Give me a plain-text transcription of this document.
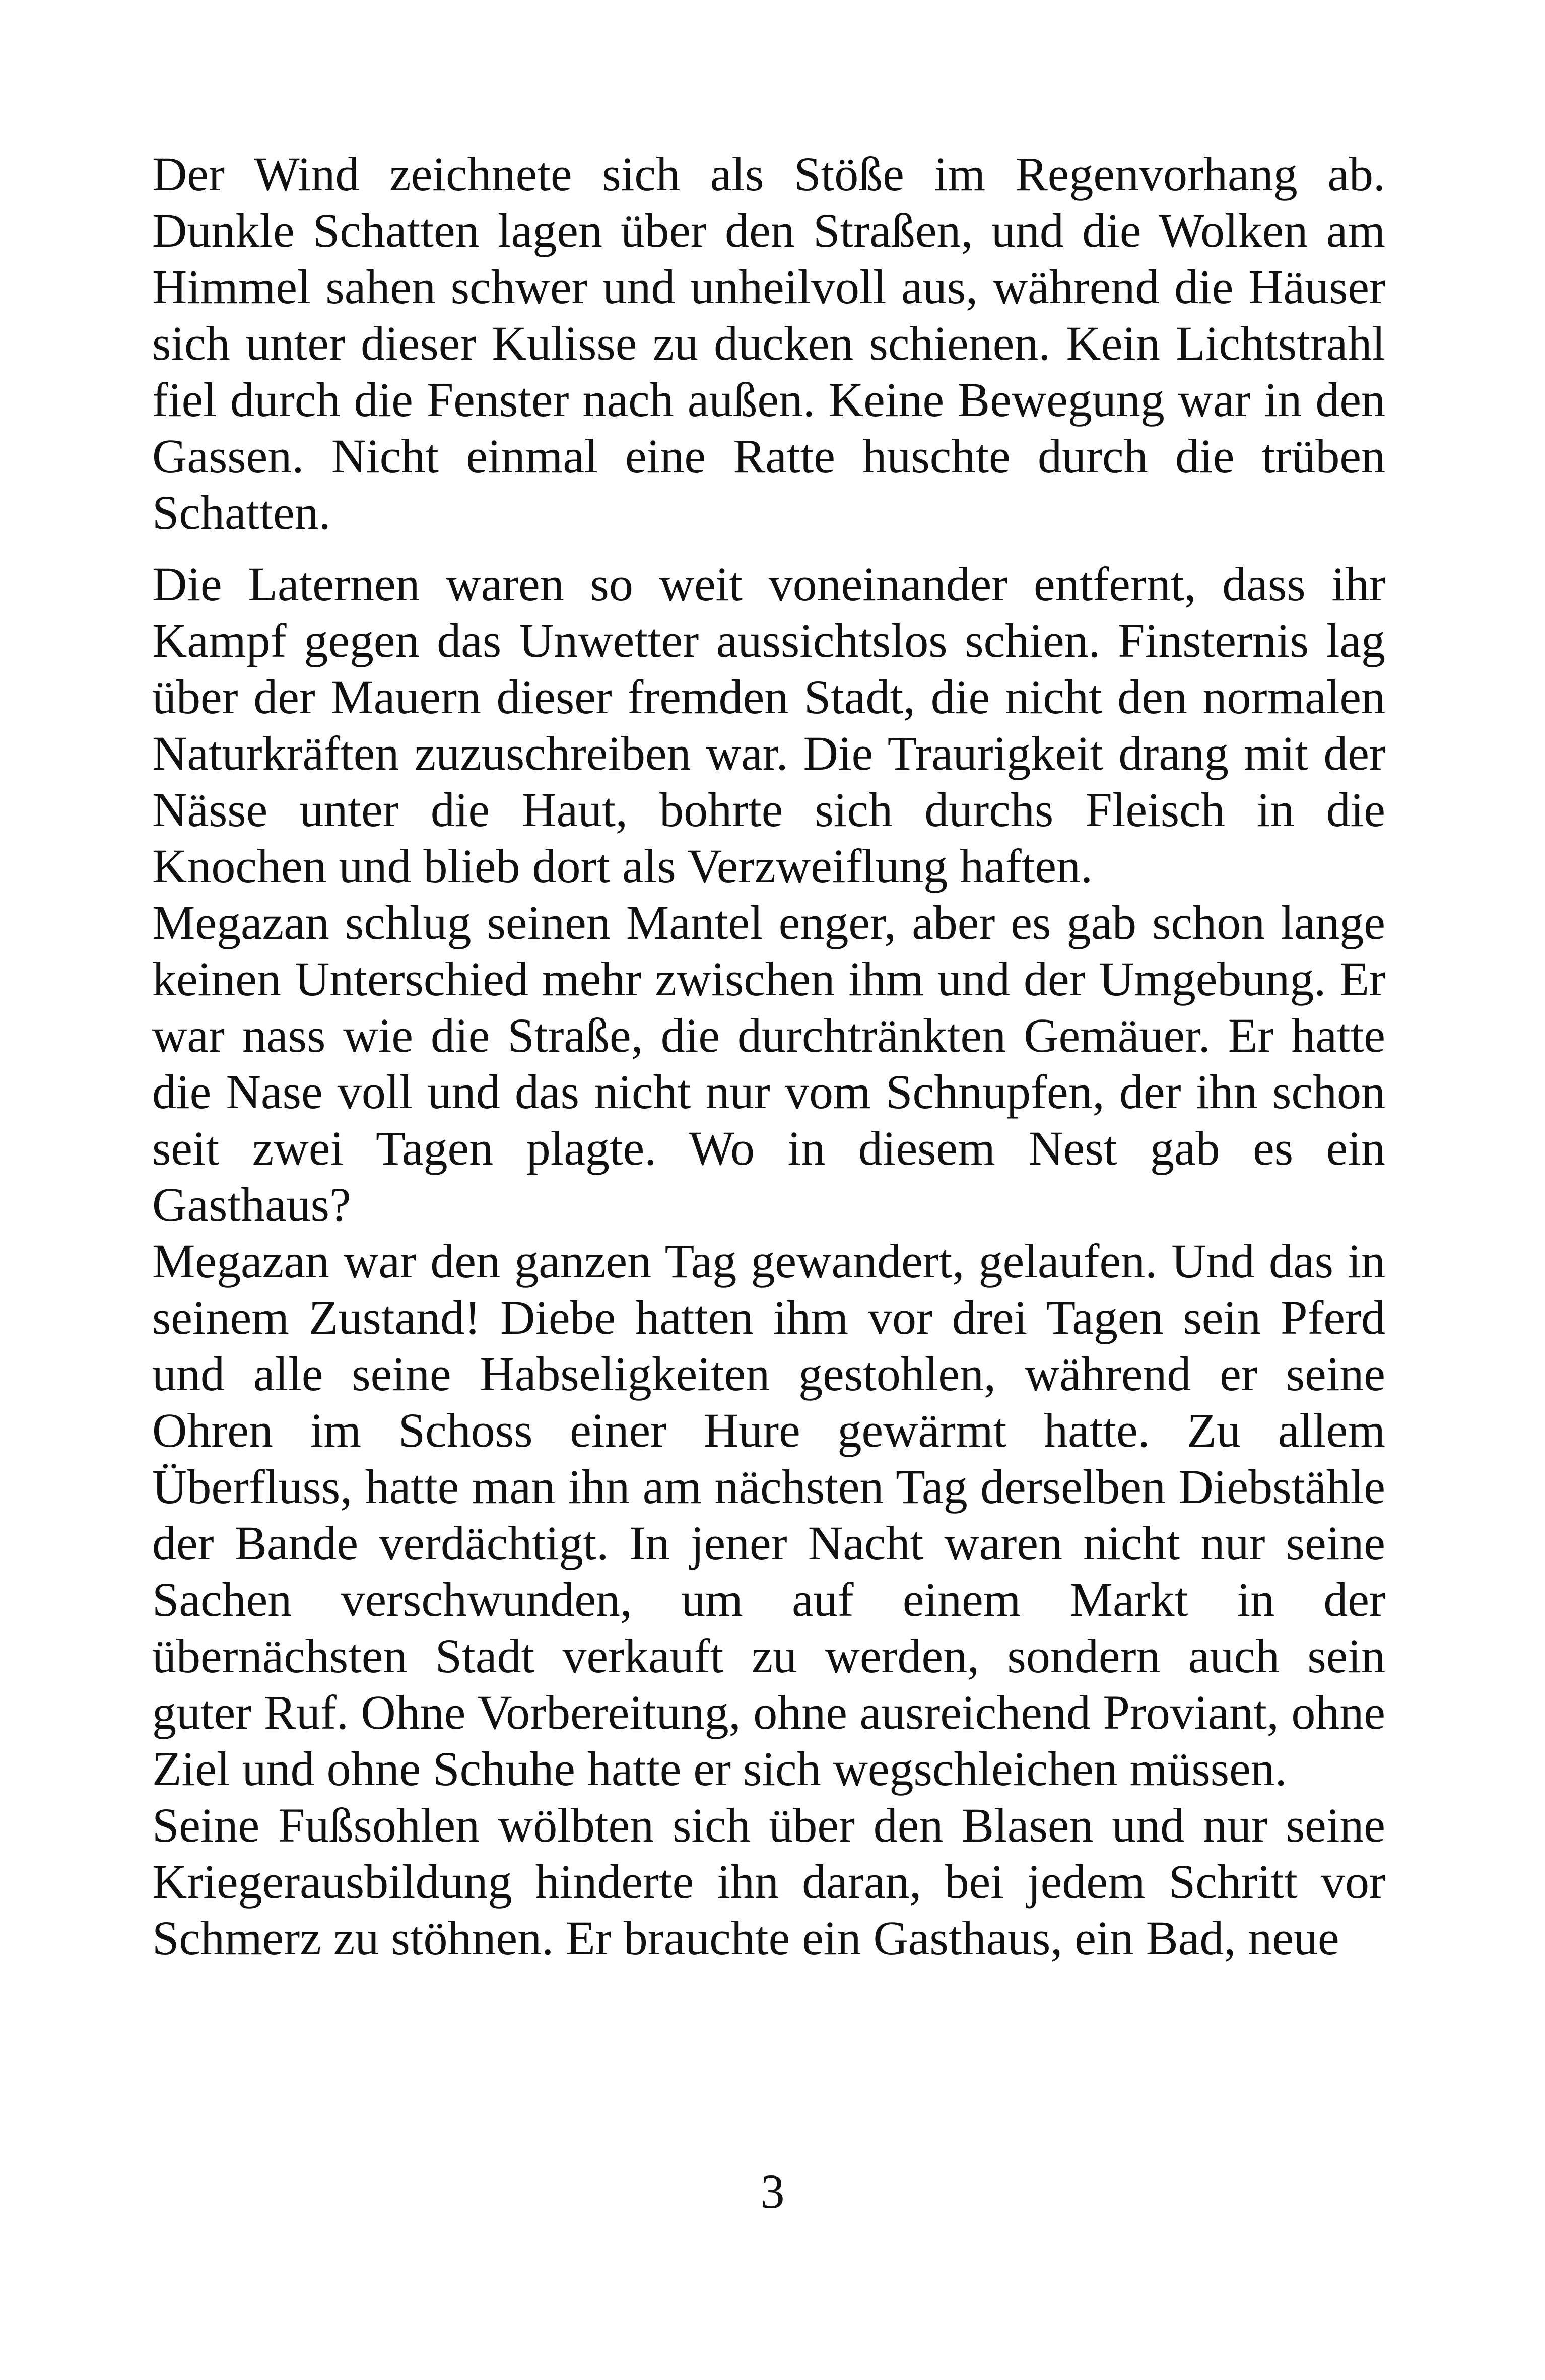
Der Wind zeichnete sich als Stöße im Regenvorhang ab. Dunkle Schatten lagen über den Straßen, und die Wolken am Himmel sahen schwer und unheilvoll aus, während die Häuser sich unter dieser Kulisse zu ducken schienen. Kein Lichtstrahl fiel durch die Fenster nach außen. Keine Bewegung war in den Gassen. Nicht einmal eine Ratte huschte durch die trüben Schatten.

Die Laternen waren so weit voneinander entfernt, dass ihr Kampf gegen das Unwetter aussichtslos schien. Finsternis lag über der Mauern dieser fremden Stadt, die nicht den normalen Naturkräften zuzuschreiben war. Die Traurigkeit drang mit der Nässe unter die Haut, bohrte sich durchs Fleisch in die Knochen und blieb dort als Verzweiflung haften.

Megazan schlug seinen Mantel enger, aber es gab schon lange keinen Unterschied mehr zwischen ihm und der Umgebung. Er war nass wie die Straße, die durchtränkten Gemäuer. Er hatte die Nase voll und das nicht nur vom Schnupfen, der ihn schon seit zwei Tagen plagte. Wo in diesem Nest gab es ein Gasthaus?

Megazan war den ganzen Tag gewandert, gelaufen. Und das in seinem Zustand! Diebe hatten ihm vor drei Tagen sein Pferd und alle seine Habseligkeiten gestohlen, während er seine Ohren im Schoss einer Hure gewärmt hatte. Zu allem Überfluss, hatte man ihn am nächsten Tag derselben Diebstähle der Bande verdächtigt. In jener Nacht waren nicht nur seine Sachen verschwunden, um auf einem Markt in der übernächsten Stadt verkauft zu werden, sondern auch sein guter Ruf. Ohne Vorbereitung, ohne ausreichend Proviant, ohne Ziel und ohne Schuhe hatte er sich wegschleichen müssen.

Seine Fußsohlen wölbten sich über den Blasen und nur seine Kriegerausbildung hinderte ihn daran, bei jedem Schritt vor Schmerz zu stöhnen. Er brauchte ein Gasthaus, ein Bad, neue

3
